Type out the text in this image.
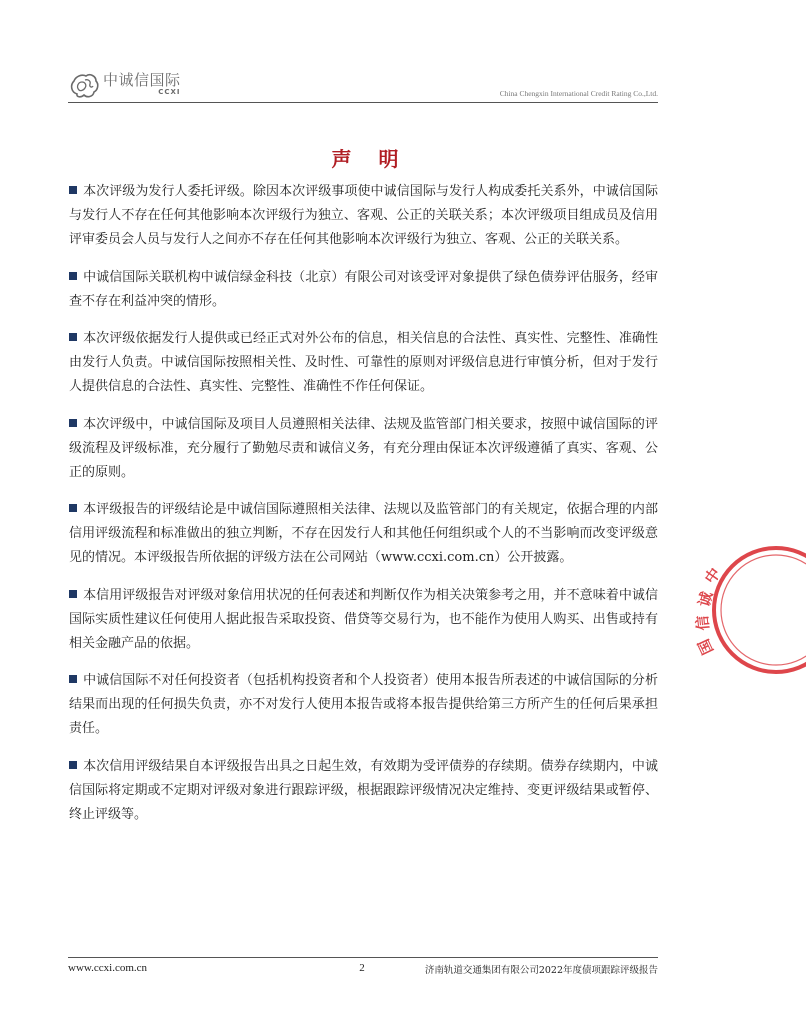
中诚信国际
CCXI	China Chengxin International Credit Rating Co.,Ltd.
声 明

本次评级为发行人委托评级。除因本次评级事项使中诚信国际与发行人构成委托关系外，中诚信国际与发行人不存在任何其他影响本次评级行为独立、客观、公正的关联关系；本次评级项目组成员及信用评审委员会人员与发行人之间亦不存在任何其他影响本次评级行为独立、客观、公正的关联关系。

中诚信国际关联机构中诚信绿金科技（北京）有限公司对该受评对象提供了绿色债券评估服务，经审查不存在利益冲突的情形。

本次评级依据发行人提供或已经正式对外公布的信息，相关信息的合法性、真实性、完整性、准确性由发行人负责。中诚信国际按照相关性、及时性、可靠性的原则对评级信息进行审慎分析，但对于发行人提供信息的合法性、真实性、完整性、准确性不作任何保证。

本次评级中，中诚信国际及项目人员遵照相关法律、法规及监管部门相关要求，按照中诚信国际的评级流程及评级标准，充分履行了勤勉尽责和诚信义务，有充分理由保证本次评级遵循了真实、客观、公正的原则。

本评级报告的评级结论是中诚信国际遵照相关法律、法规以及监管部门的有关规定，依据合理的内部信用评级流程和标准做出的独立判断，不存在因发行人和其他任何组织或个人的不当影响而改变评级意见的情况。本评级报告所依据的评级方法在公司网站（www.ccxi.com.cn）公开披露。

本信用评级报告对评级对象信用状况的任何表述和判断仅作为相关决策参考之用，并不意味着中诚信国际实质性建议任何使用人据此报告采取投资、借贷等交易行为，也不能作为使用人购买、出售或持有相关金融产品的依据。

中诚信国际不对任何投资者（包括机构投资者和个人投资者）使用本报告所表述的中诚信国际的分析结果而出现的任何损失负责，亦不对发行人使用本报告或将本报告提供给第三方所产生的任何后果承担责任。

本次信用评级结果自本评级报告出具之日起生效，有效期为受评债券的存续期。债券存续期内，中诚信国际将定期或不定期对评级对象进行跟踪评级，根据跟踪评级情况决定维持、变更评级结果或暂停、终止评级等。

中
诚
信
国
www.ccxi.com.cn	2	济南轨道交通集团有限公司2022年度债项跟踪评级报告
